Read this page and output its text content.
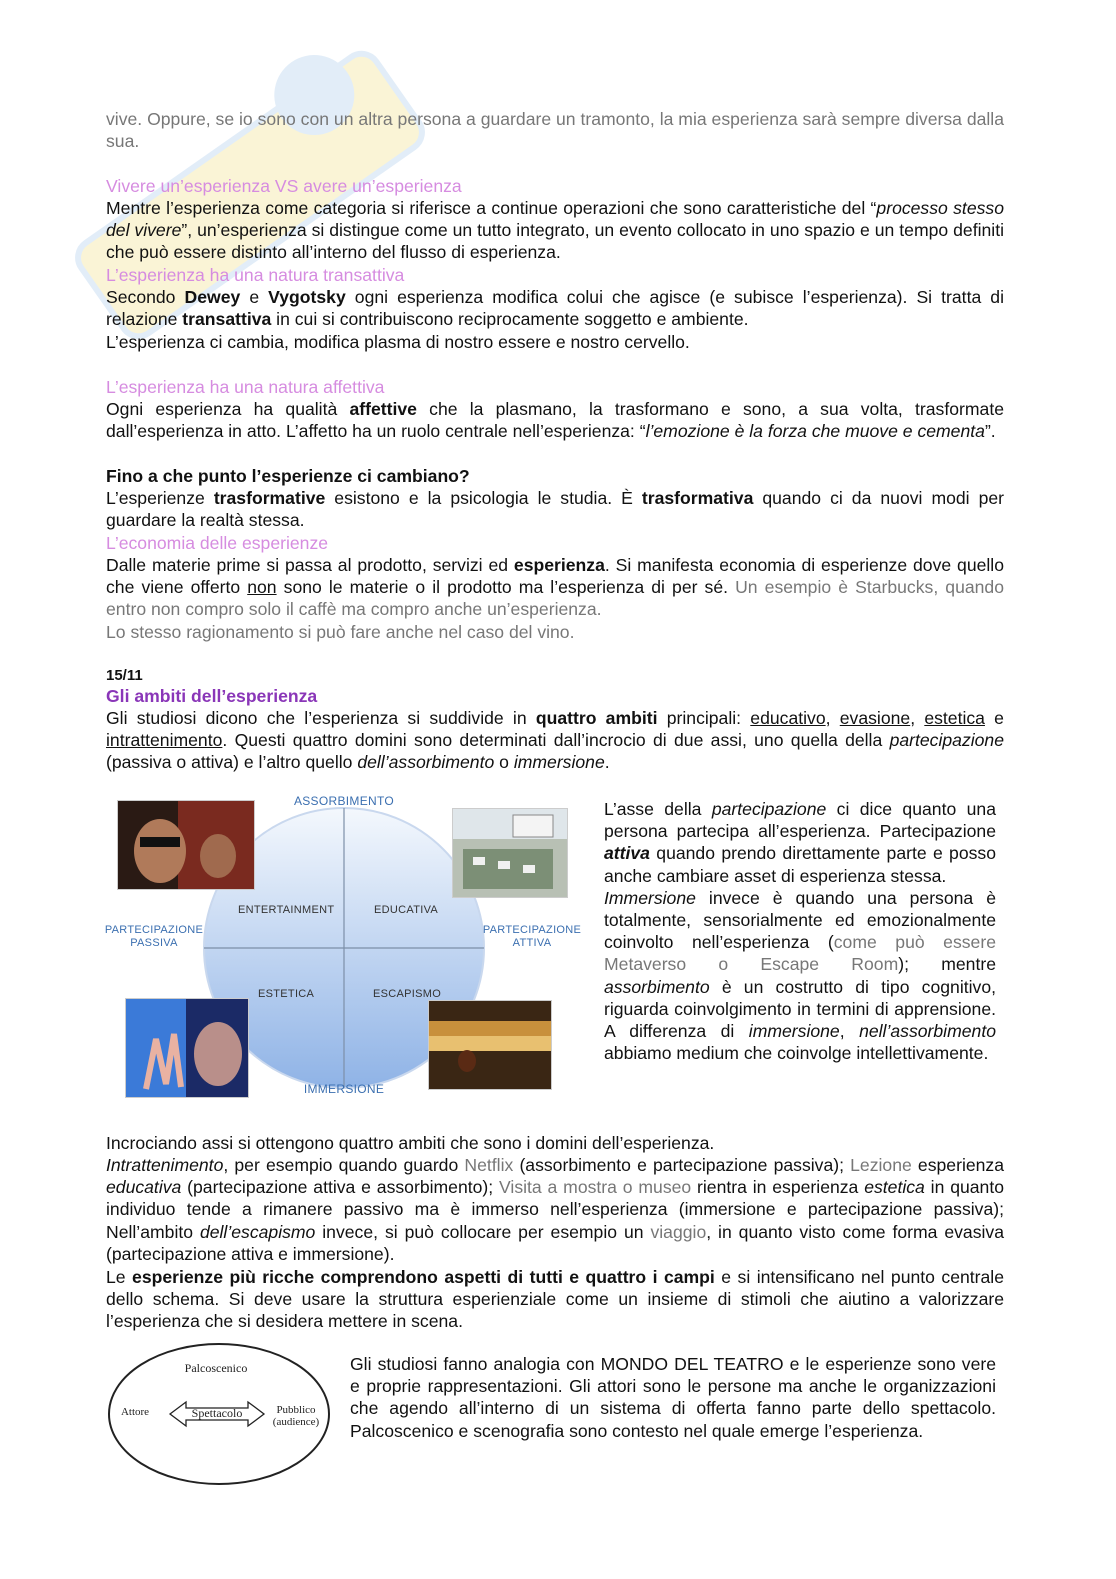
vive. Oppure, se io sono con un altra persona a guardare un tramonto, la mia esperienza sarà sempre diversa dalla sua.

Vivere un’esperienza VS avere un’esperienza

Mentre l’esperienza come categoria si riferisce a continue operazioni che sono caratteristiche del “processo stesso del vivere”, un’esperienza si distingue come un tutto integrato, un evento collocato in uno spazio e un tempo definiti che può essere distinto all’interno del flusso di esperienza.

L’esperienza ha una natura transattiva

Secondo Dewey e Vygotsky ogni esperienza modifica colui che agisce (e subisce l’esperienza). Si tratta di relazione transattiva in cui si contribuiscono reciprocamente soggetto e ambiente.

L’esperienza ci cambia, modifica plasma di nostro essere e nostro cervello.

L’esperienza ha una natura affettiva

Ogni esperienza ha qualità affettive che la plasmano, la trasformano e sono, a sua volta, trasformate dall’esperienza in atto. L’affetto ha un ruolo centrale nell’esperienza: “l’emozione è la forza che muove e cementa”.

Fino a che punto l’esperienze ci cambiano?

L’esperienze trasformative esistono e la psicologia le studia. È trasformativa quando ci da nuovi modi per guardare la realtà stessa.

L’economia delle esperienze

Dalle materie prime si passa al prodotto, servizi ed esperienza. Si manifesta economia di esperienze dove quello che viene offerto non sono le materie o il prodotto ma l’esperienza di per sé. Un esempio è Starbucks, quando entro non compro solo il caffè ma compro anche un’esperienza.

Lo stesso ragionamento si può fare anche nel caso del vino.

15/11

Gli ambiti dell’esperienza

Gli studiosi dicono che l’esperienza si suddivide in quattro ambiti principali: educativo, evasione, estetica e intrattenimento. Questi quattro domini sono determinati dall’incrocio di due assi, uno quella della partecipazione (passiva o attiva) e l’altro quello dell’assorbimento o immersione.

ASSORBIMENTO
IMMERSIONE
PARTECIPAZIONE PASSIVA
PARTECIPAZIONE ATTIVA
ENTERTAINMENT	EDUCATIVA
ESTETICA	ESCAPISMO

L’asse della partecipazione ci dice quanto una persona partecipa all’esperienza. Partecipazione attiva quando prendo direttamente parte e posso anche cambiare asset di esperienza stessa.
Immersione invece è quando una persona è totalmente, sensorialmente ed emozionalmente coinvolto nell’esperienza (come può essere Metaverso o Escape Room); mentre assorbimento è un costrutto di tipo cognitivo, riguarda coinvolgimento in termini di apprensione. A differenza di immersione, nell’assorbimento abbiamo medium che coinvolge intellettivamente.

Incrociando assi si ottengono quattro ambiti che sono i domini dell’esperienza.

Intrattenimento, per esempio quando guardo Netflix (assorbimento e partecipazione passiva); Lezione esperienza educativa (partecipazione attiva e assorbimento); Visita a mostra o museo rientra in esperienza estetica in quanto individuo tende a rimanere passivo ma è immerso nell’esperienza (immersione e partecipazione passiva); Nell’ambito dell’escapismo invece, si può collocare per esempio un viaggio, in quanto visto come forma evasiva (partecipazione attiva e immersione).

Le esperienze più ricche comprendono aspetti di tutti e quattro i campi e si intensificano nel punto centrale dello schema. Si deve usare la struttura esperienziale come un insieme di stimoli che aiutino a valorizzare l’esperienza che si desidera mettere in scena.

Palcoscenico
Attore	Spettacolo	Pubblico (audience)

Gli studiosi fanno analogia con MONDO DEL TEATRO e le esperienze sono vere e proprie rappresentazioni. Gli attori sono le persone ma anche le organizzazioni che agendo all’interno di un sistema di offerta fanno parte dello spettacolo. Palcoscenico e scenografia sono contesto nel quale emerge l’esperienza.
